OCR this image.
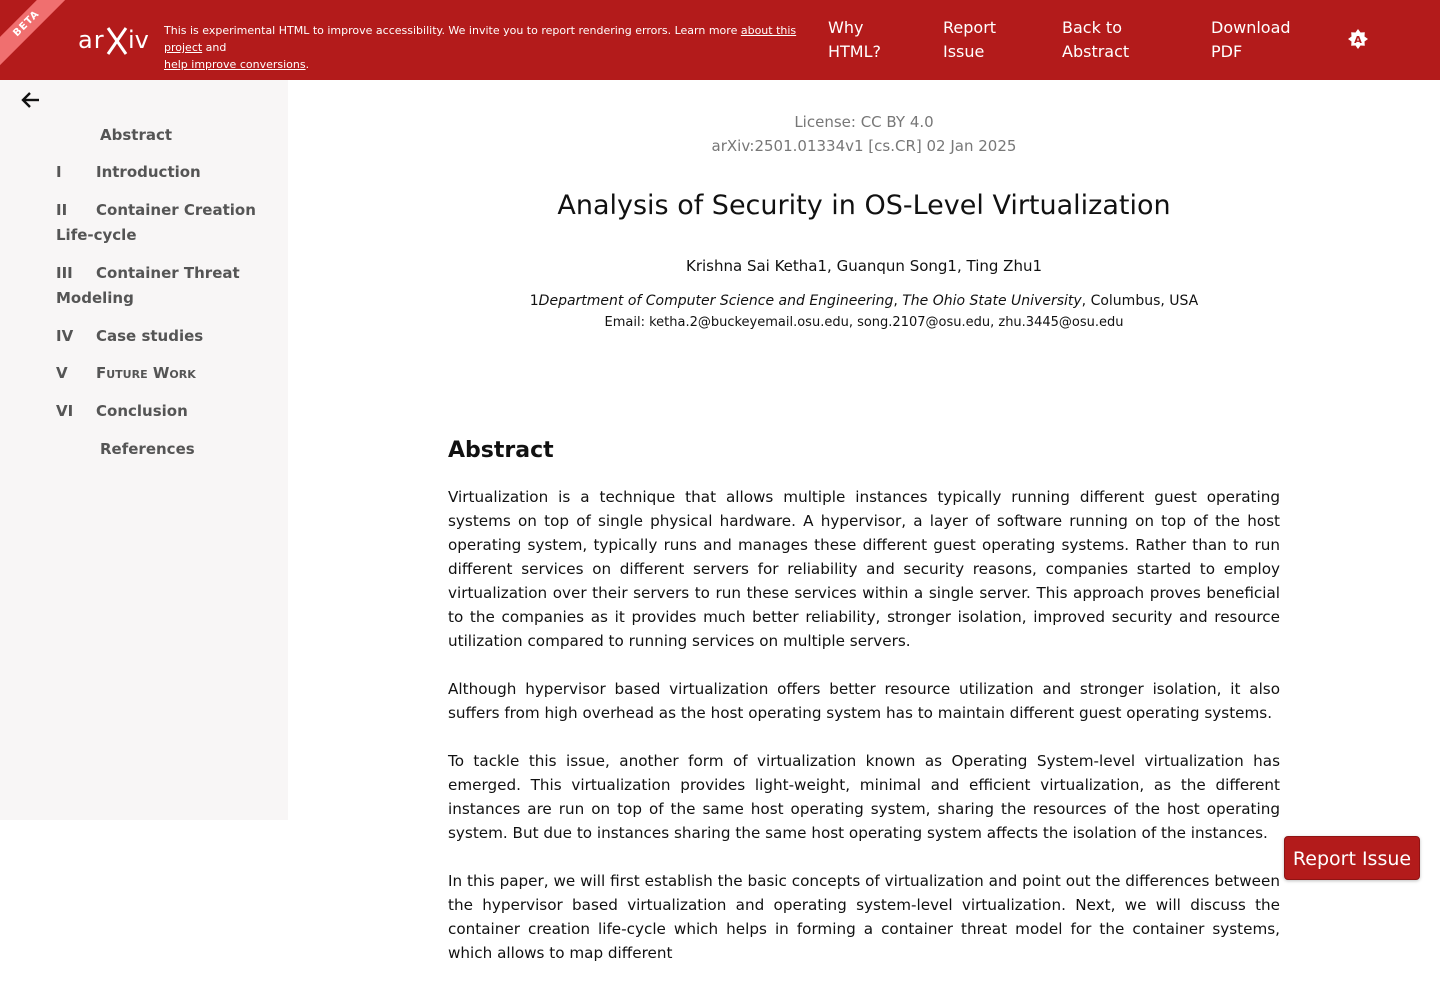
BETA
ar iv This is experimental HTML to improve accessibility. We invite you to report rendering errors. Learn more about this project and
help improve conversions.
Why HTML?
Report Issue
Back to Abstract
Download PDF
A
Abstract
I Introduction
II Container Creation Life-cycle
III Container Threat Modeling
IV Case studies
V Future Work
VI Conclusion
References
License: CC BY 4.0
arXiv:2501.01334v1 [cs.CR] 02 Jan 2025
Analysis of Security in OS-Level Virtualization
Krishna Sai Ketha1, Guanqun Song1, Ting Zhu1
1Department of Computer Science and Engineering, The Ohio State University, Columbus, USA
Email: ketha.2@buckeyemail.osu.edu, song.2107@osu.edu, zhu.3445@osu.edu
Abstract

Virtualization is a technique that allows multiple instances typically running different guest operating systems on top of single physical hardware. A hypervisor, a layer of software running on top of the host operating system, typically runs and manages these different guest operating systems. Rather than to run different services on different servers for reliability and security reasons, companies started to employ virtualization over their servers to run these services within a single server. This approach proves beneficial to the companies as it provides much better reliability, stronger isolation, improved security and resource utilization compared to running services on multiple servers.

Although hypervisor based virtualization offers better resource utilization and stronger isolation, it also suffers from high overhead as the host operating system has to maintain different guest operating systems.

To tackle this issue, another form of virtualization known as Operating System-level virtualization has emerged. This virtualization provides light-weight, minimal and efficient virtualization, as the different instances are run on top of the same host operating system, sharing the resources of the host operating system. But due to instances sharing the same host operating system affects the isolation of the instances.

In this paper, we will first establish the basic concepts of virtualization and point out the differences between the hypervisor based virtualization and operating system-level virtualization. Next, we will discuss the container creation life-cycle which helps in forming a container threat model for the container systems, which allows to map different

Report Issue
